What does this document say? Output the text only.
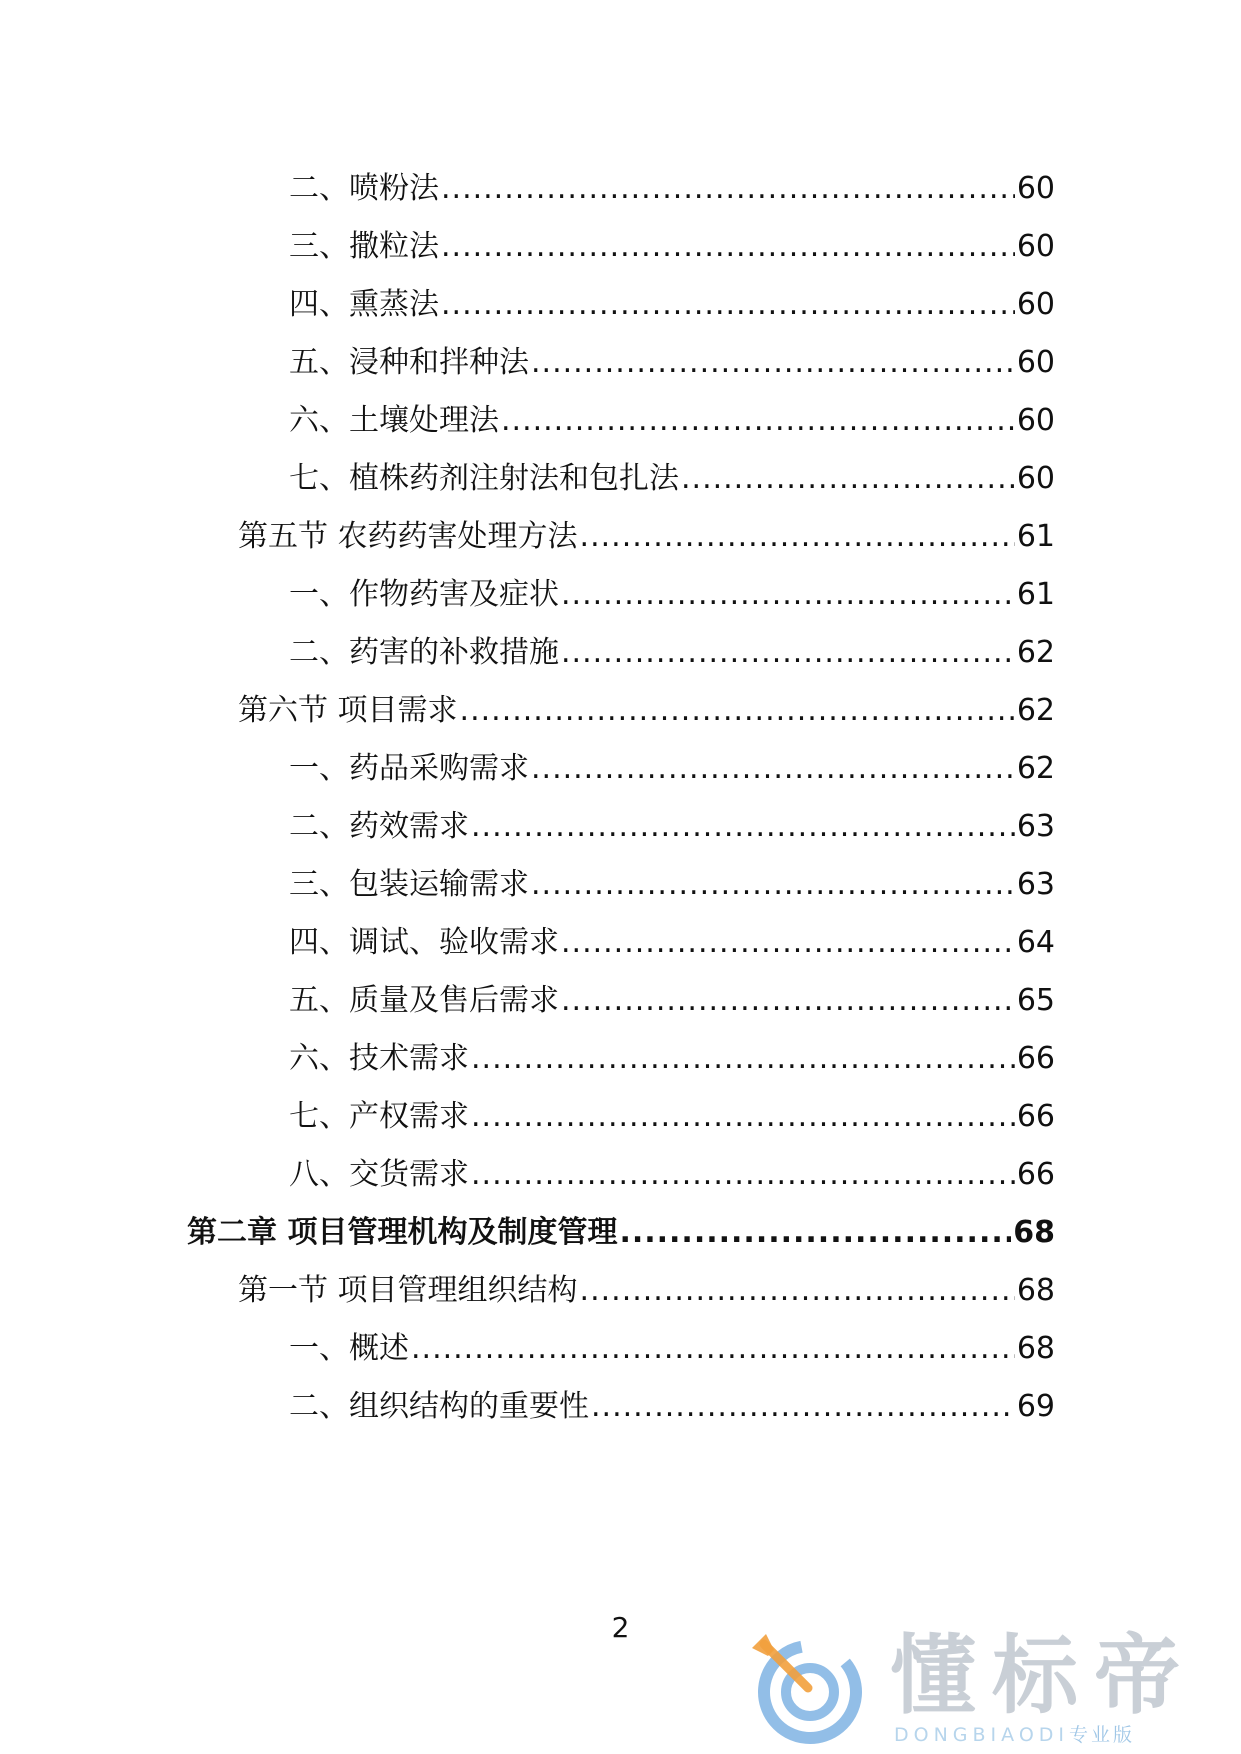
二、喷粉法 .....	60
三、撒粒法 .....	60
四、熏蒸法 .....	60
五、浸种和拌种法 .....	60
六、土壤处理法 .....	60
七、植株药剂注射法和包扎法 .....	60
第五节 农药药害处理方法 .....	61
一、作物药害及症状 .....	61
二、药害的补救措施 .....	62
第六节 项目需求 .....	62
一、药品采购需求 .....	62
二、药效需求 .....	63
三、包装运输需求 .....	63
四、调试、验收需求 .....	64
五、质量及售后需求 .....	65
六、技术需求 .....	66
七、产权需求 .....	66
八、交货需求 .....	66
第二章 项目管理机构及制度管理 .....	68
第一节 项目管理组织结构 .....	68
一、概述 .....	68
二、组织结构的重要性 .....	69
2	懂标帝
DONGBIAODI专业版
